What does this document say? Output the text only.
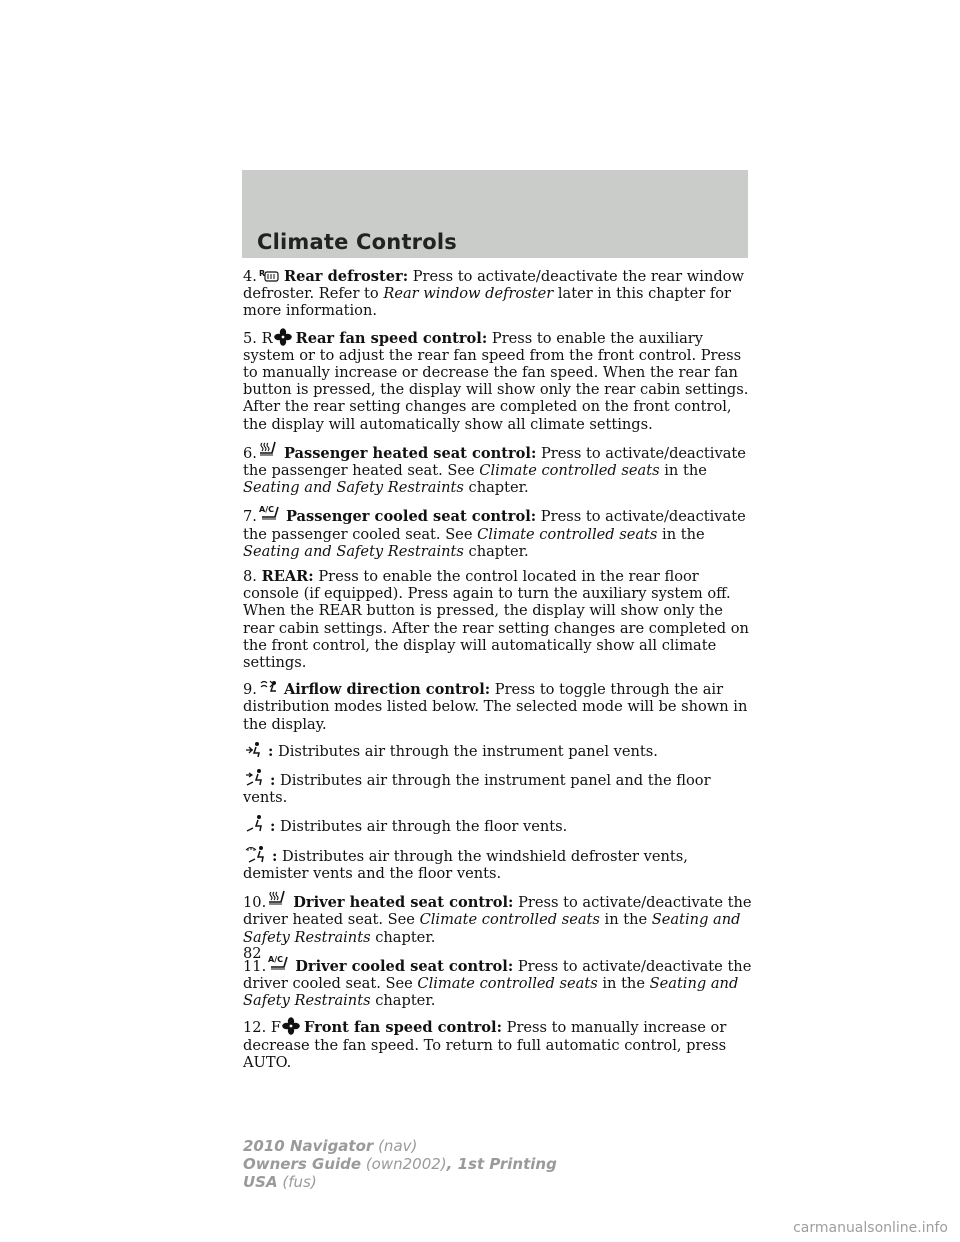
Climate Controls
4. R Rear defroster: Press to activate/deactivate the rear window defroster. Refer to Rear window defroster later in this chapter for more information.
5. R Rear fan speed control: Press to enable the auxiliary system or to adjust the rear fan speed from the front control. Press to manually increase or decrease the fan speed. When the rear fan button is pressed, the display will show only the rear cabin settings. After the rear setting changes are completed on the front control, the display will automatically show all climate settings.
6. Passenger heated seat control: Press to activate/deactivate the passenger heated seat. See Climate controlled seats in the Seating and Safety Restraints chapter.
7. A/C Passenger cooled seat control: Press to activate/deactivate the passenger cooled seat. See Climate controlled seats in the Seating and Safety Restraints chapter.
8. REAR: Press to enable the control located in the rear floor console (if equipped). Press again to turn the auxiliary system off. When the REAR button is pressed, the display will show only the rear cabin settings. After the rear setting changes are completed on the front control, the display will automatically show all climate settings.
9. Airflow direction control: Press to toggle through the air distribution modes listed below. The selected mode will be shown in the display.
: Distributes air through the instrument panel vents.
: Distributes air through the instrument panel and the floor vents.
: Distributes air through the floor vents.
: Distributes air through the windshield defroster vents, demister vents and the floor vents.
10. Driver heated seat control: Press to activate/deactivate the driver heated seat. See Climate controlled seats in the Seating and Safety Restraints chapter.
11. A/C Driver cooled seat control: Press to activate/deactivate the driver cooled seat. See Climate controlled seats in the Seating and Safety Restraints chapter.
12. F Front fan speed control: Press to manually increase or decrease the fan speed. To return to full automatic control, press AUTO.
82
2010 Navigator (nav)
Owners Guide (own2002), 1st Printing
USA (fus)
carmanualsonline.info
